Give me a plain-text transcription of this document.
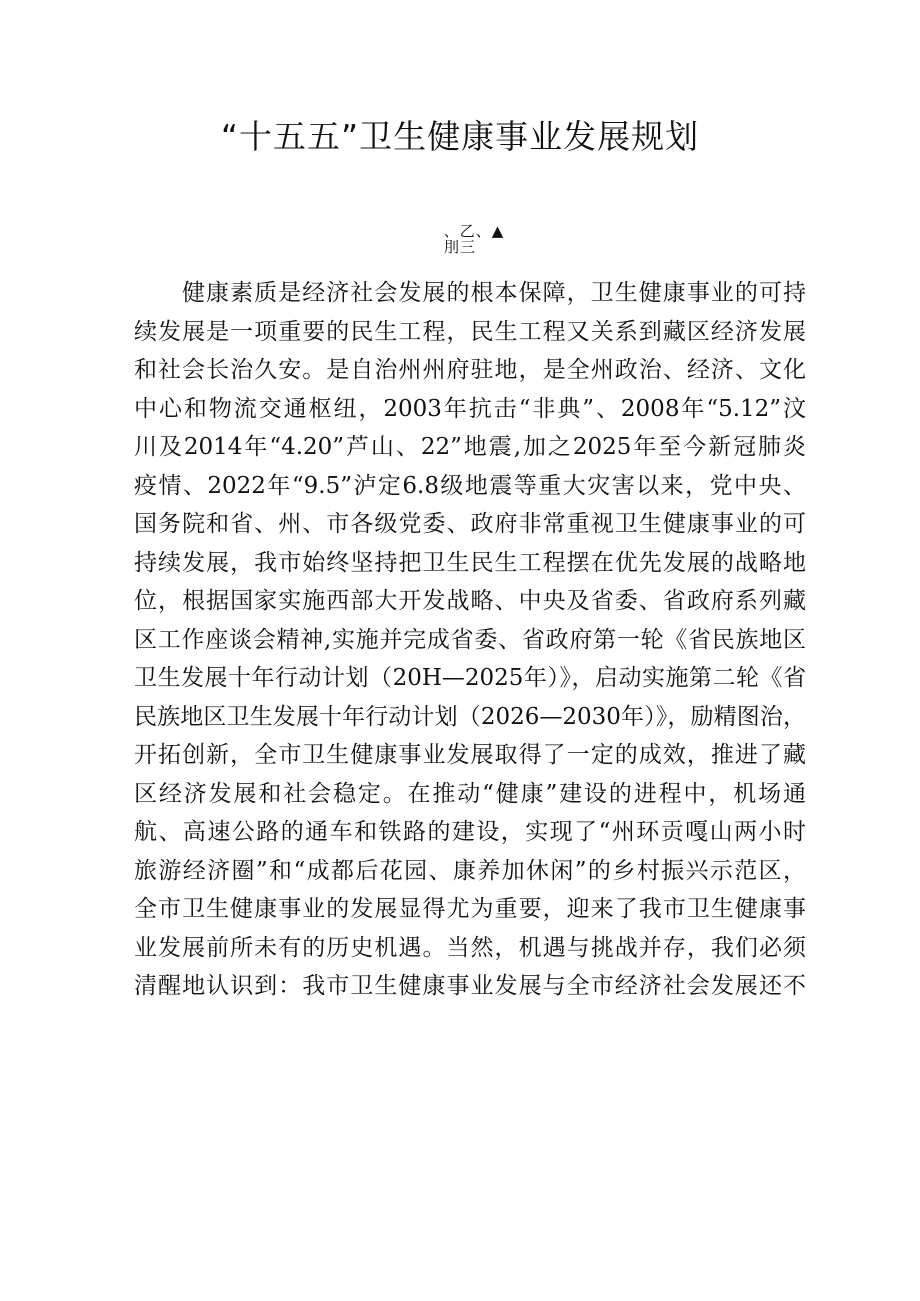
“十五五”卫生健康事业发展规划
、乙、▲
刖三
健康素质是经济社会发展的根本保障，卫生健康事业的可持
续发展是一项重要的民生工程，民生工程又关系到藏区经济发展
和社会长治久安。是自治州州府驻地，是全州政治、经济、文化
中心和物流交通枢纽，2003年抗击“非典”、2008年“5.12”汶
川及2014年“4.20”芦山、22”地震,加之2025年至今新冠肺炎
疫情、2022年“9.5”泸定6.8级地震等重大灾害以来，党中央、
国务院和省、州、市各级党委、政府非常重视卫生健康事业的可
持续发展，我市始终坚持把卫生民生工程摆在优先发展的战略地
位，根据国家实施西部大开发战略、中央及省委、省政府系列藏
区工作座谈会精神,实施并完成省委、省政府第一轮《省民族地区
卫生发展十年行动计划（20H—2025年）》，启动实施第二轮《省
民族地区卫生发展十年行动计划（2026—2030年）》，励精图治，
开拓创新，全市卫生健康事业发展取得了一定的成效，推进了藏
区经济发展和社会稳定。在推动“健康”建设的进程中，机场通
航、高速公路的通车和铁路的建设，实现了“州环贡嘎山两小时
旅游经济圈”和“成都后花园、康养加休闲”的乡村振兴示范区，
全市卫生健康事业的发展显得尤为重要，迎来了我市卫生健康事
业发展前所未有的历史机遇。当然，机遇与挑战并存，我们必须
清醒地认识到：我市卫生健康事业发展与全市经济社会发展还不
